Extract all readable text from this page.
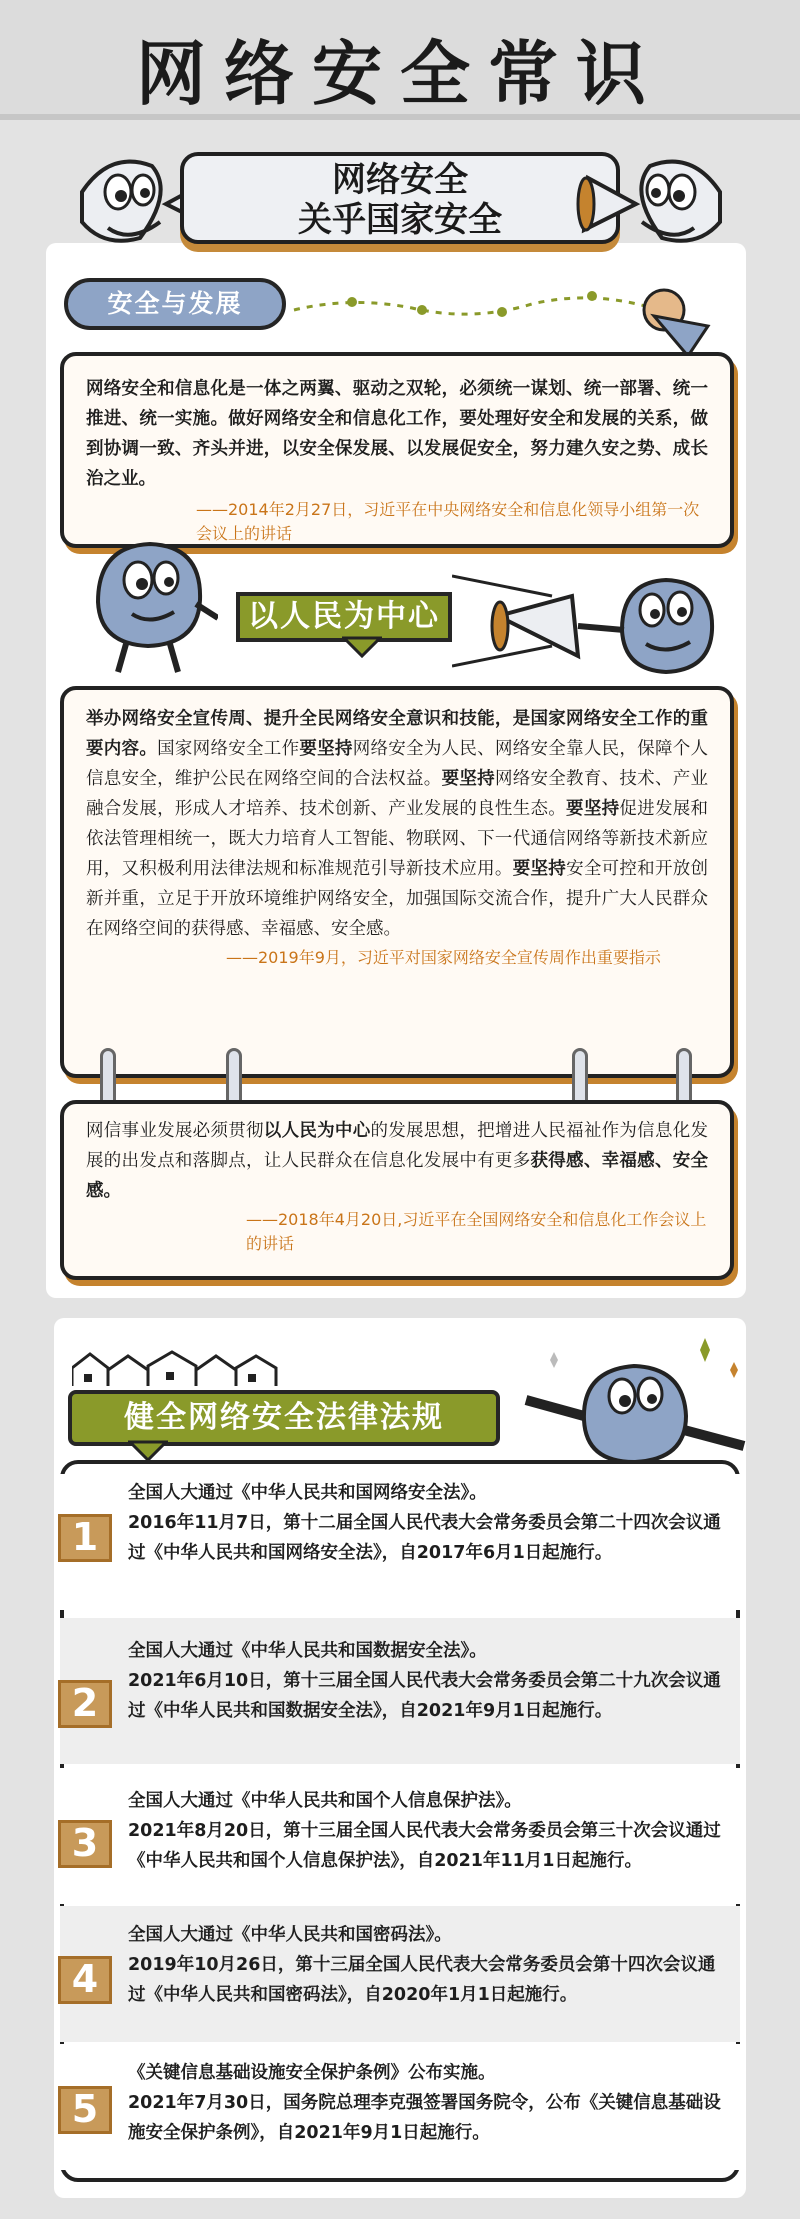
网络安全常识
网络安全
关乎国家安全
安全与发展

网络安全和信息化是一体之两翼、驱动之双轮，必须统一谋划、统一部署、统一推进、统一实施。做好网络安全和信息化工作，要处理好安全和发展的关系，做到协调一致、齐头并进，以安全保发展、以发展促安全，努力建久安之势、成长治之业。

——2014年2月27日，习近平在中央网络安全和信息化领导小组第一次会议上的讲话
以人民为中心

举办网络安全宣传周、提升全民网络安全意识和技能，是国家网络安全工作的重要内容。国家网络安全工作要坚持网络安全为人民、网络安全靠人民，保障个人信息安全，维护公民在网络空间的合法权益。要坚持网络安全教育、技术、产业融合发展，形成人才培养、技术创新、产业发展的良性生态。要坚持促进发展和依法管理相统一，既大力培育人工智能、物联网、下一代通信网络等新技术新应用，又积极利用法律法规和标准规范引导新技术应用。要坚持安全可控和开放创新并重，立足于开放环境维护网络安全，加强国际交流合作，提升广大人民群众在网络空间的获得感、幸福感、安全感。

——2019年9月，习近平对国家网络安全宣传周作出重要指示

网信事业发展必须贯彻以人民为中心的发展思想，把增进人民福祉作为信息化发展的出发点和落脚点，让人民群众在信息化发展中有更多获得感、幸福感、安全感。

——2018年4月20日,习近平在全国网络安全和信息化工作会议上的讲话
健全网络安全法律法规
1
全国人大通过《中华人民共和国网络安全法》。
2016年11月7日，第十二届全国人民代表大会常务委员会第二十四次会议通过《中华人民共和国网络安全法》，自2017年6月1日起施行。
2
全国人大通过《中华人民共和国数据安全法》。
2021年6月10日，第十三届全国人民代表大会常务委员会第二十九次会议通过《中华人民共和国数据安全法》，自2021年9月1日起施行。
3
全国人大通过《中华人民共和国个人信息保护法》。
2021年8月20日，第十三届全国人民代表大会常务委员会第三十次会议通过《中华人民共和国个人信息保护法》，自2021年11月1日起施行。
4
全国人大通过《中华人民共和国密码法》。
2019年10月26日，第十三届全国人民代表大会常务委员会第十四次会议通过《中华人民共和国密码法》，自2020年1月1日起施行。
5
《关键信息基础设施安全保护条例》公布实施。
2021年7月30日，国务院总理李克强签署国务院令，公布《关键信息基础设施安全保护条例》，自2021年9月1日起施行。
